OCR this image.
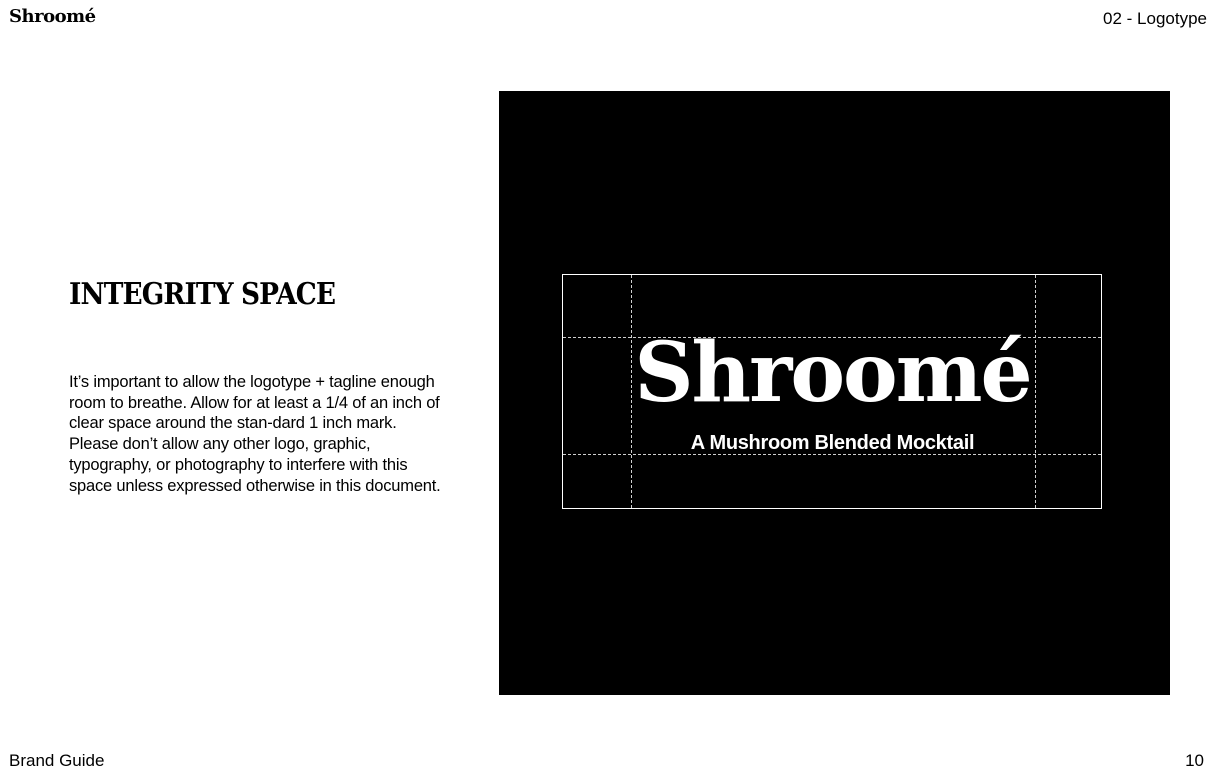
Shroomé	02 - Logotype
INTEGRITY SPACE

It’s important to allow the logotype + tagline enough room to breathe. Allow for at least a 1/4 of an inch of clear space around the stan-dard 1 inch mark. Please don’t allow any other logo, graphic, typography, or photography to interfere with this space unless expressed otherwise in this document.

Shroomé
A Mushroom Blended Mocktail
Brand Guide	10
